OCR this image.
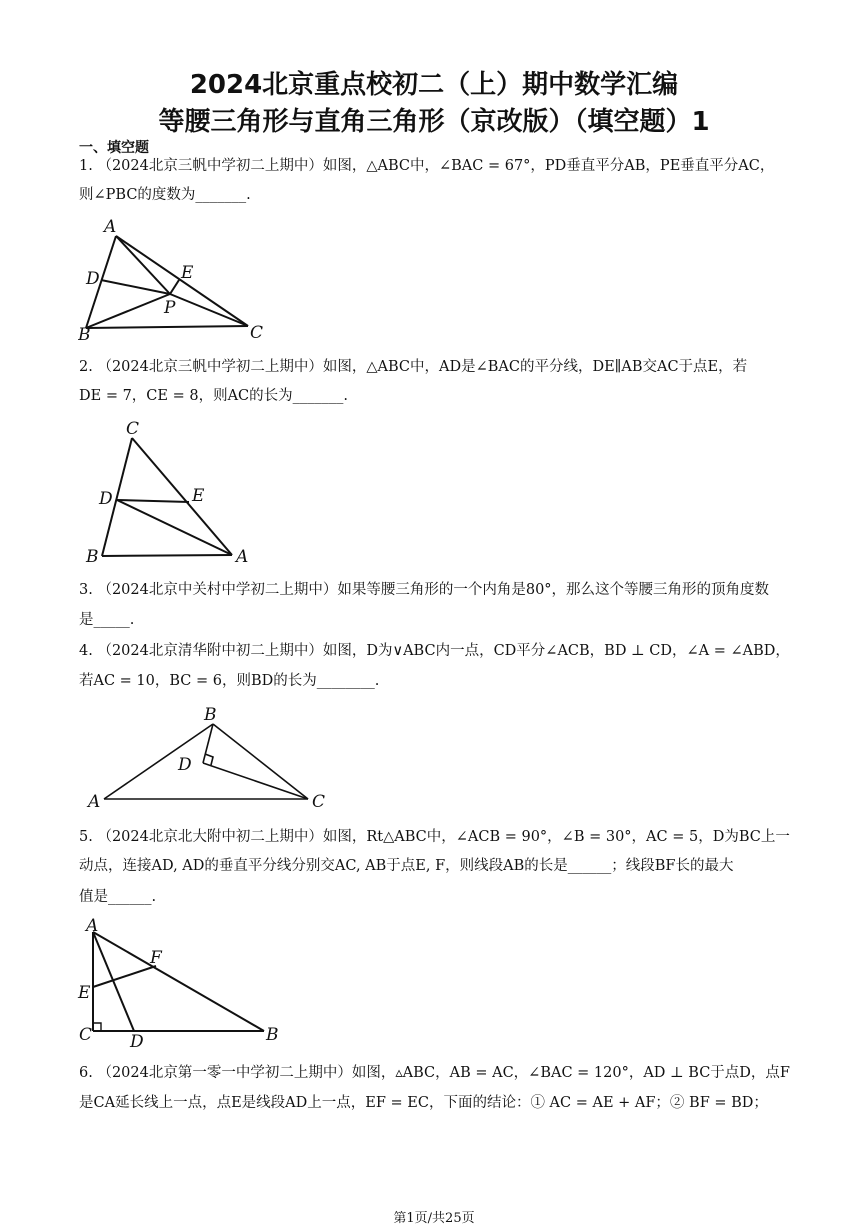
2024北京重点校初二（上）期中数学汇编
等腰三角形与直角三角形（京改版）（填空题）1
一、填空题
1. （2024北京三帆中学初二上期中）如图，△ABC中，∠BAC = 67°，PD垂直平分AB，PE垂直平分AC，
则∠PBC的度数为_______.
A
D	E
P
B	C
2. （2024北京三帆中学初二上期中）如图，△ABC中，AD是∠BAC的平分线，DE∥AB交AC于点E，若
DE = 7，CE = 8，则AC的长为_______.
C
D	E
B	A
3. （2024北京中关村中学初二上期中）如果等腰三角形的一个内角是80°，那么这个等腰三角形的顶角度数
是_____.
4. （2024北京清华附中初二上期中）如图，D为∨ABC内一点，CD平分∠ACB，BD ⊥ CD，∠A = ∠ABD，
若AC = 10，BC = 6，则BD的长为________.
B
D
A	C
5. （2024北京北大附中初二上期中）如图，Rt△ABC中，∠ACB = 90°，∠B = 30°，AC = 5，D为BC上一
动点，连接AD, AD的垂直平分线分别交AC, AB于点E, F，则线段AB的长是______；线段BF长的最大
值是______.
A
F
E
C D	B
6. （2024北京第一零一中学初二上期中）如图，▵ABC，AB = AC，∠BAC = 120°，AD ⊥ BC于点D，点F
是CA延长线上一点，点E是线段AD上一点，EF = EC，下面的结论：① AC = AE + AF；② BF = BD；
第1页/共25页
